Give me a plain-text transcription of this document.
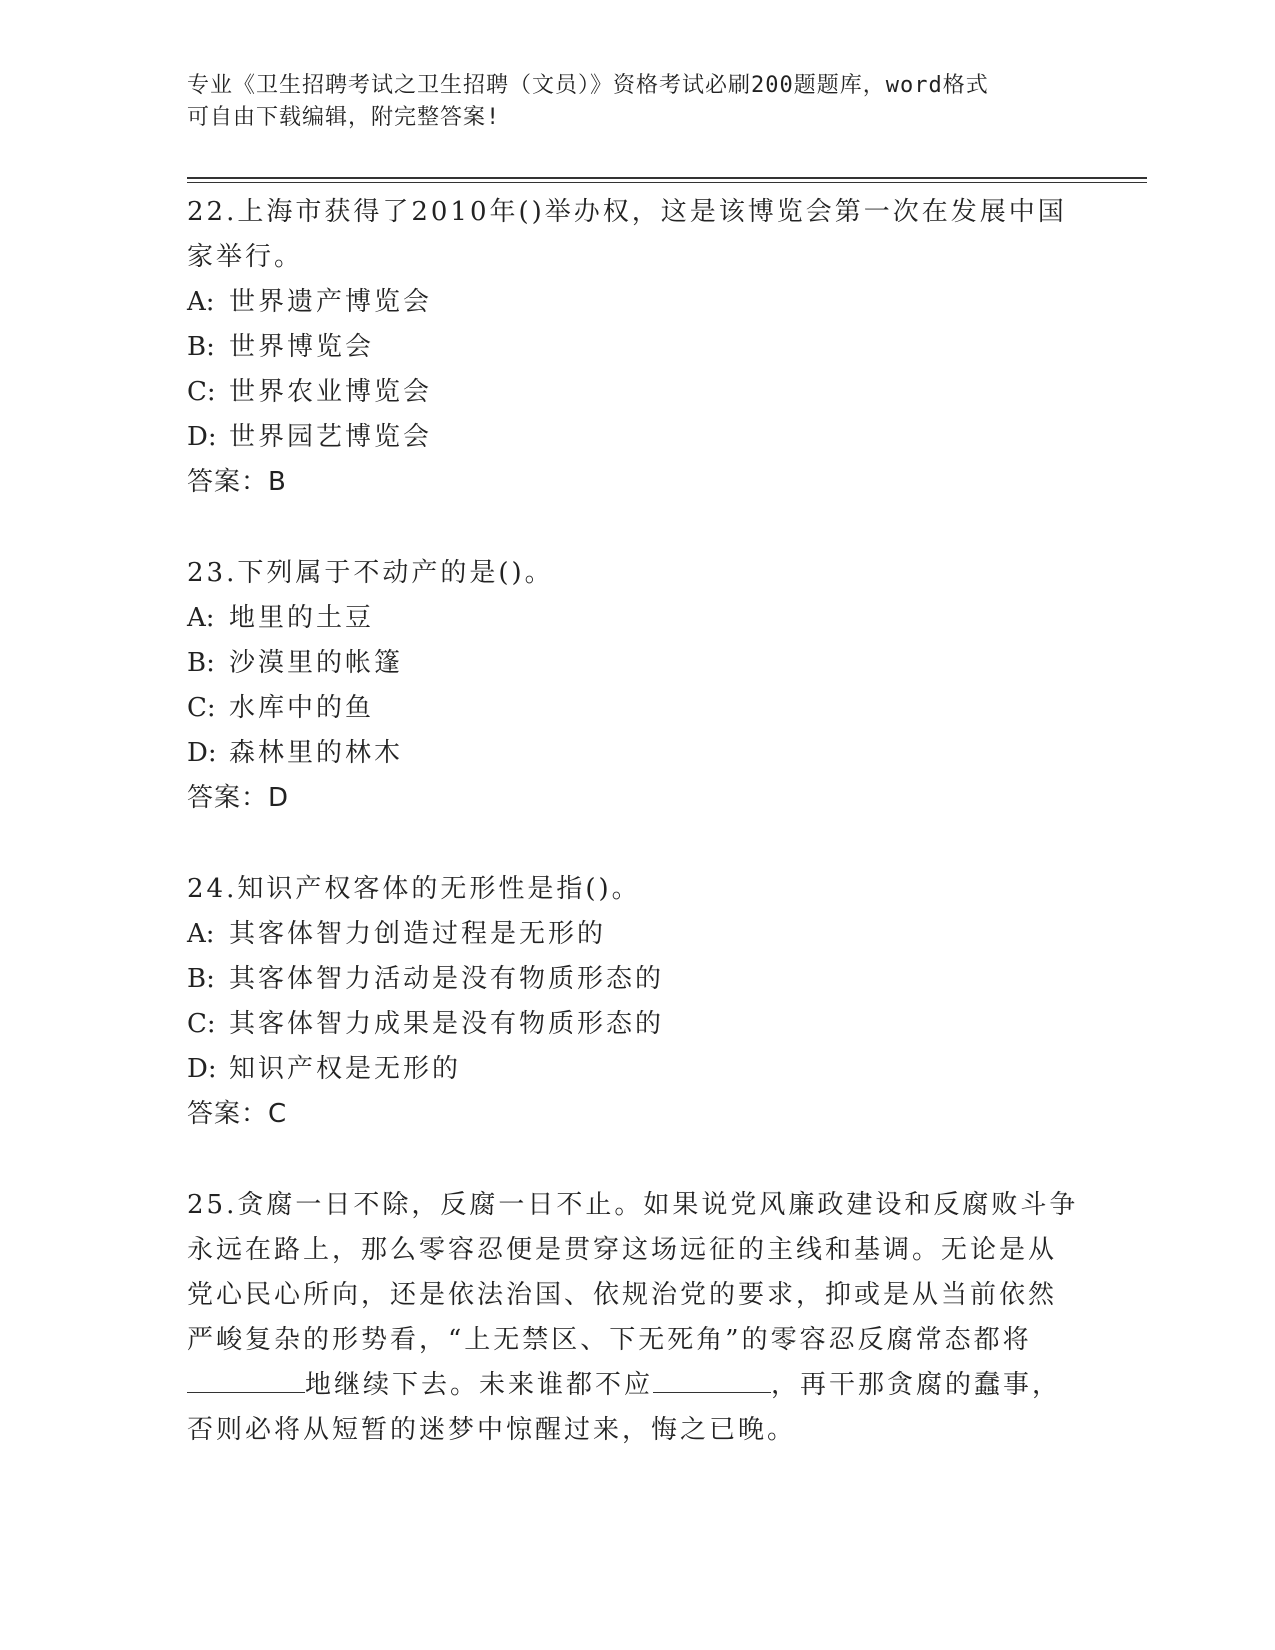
专业《卫生招聘考试之卫生招聘（文员）》资格考试必刷200题题库，word格式
可自由下载编辑，附完整答案!
22.上海市获得了2010年()举办权，这是该博览会第一次在发展中国
家举行。
A: 世界遗产博览会
B: 世界博览会
C: 世界农业博览会
D: 世界园艺博览会
答案：B
23.下列属于不动产的是()。
A: 地里的土豆
B: 沙漠里的帐篷
C: 水库中的鱼
D: 森林里的林木
答案：D
24.知识产权客体的无形性是指()。
A: 其客体智力创造过程是无形的
B: 其客体智力活动是没有物质形态的
C: 其客体智力成果是没有物质形态的
D: 知识产权是无形的
答案：C
25.贪腐一日不除，反腐一日不止。如果说党风廉政建设和反腐败斗争
永远在路上，那么零容忍便是贯穿这场远征的主线和基调。无论是从
党心民心所向，还是依法治国、依规治党的要求，抑或是从当前依然
严峻复杂的形势看，“上无禁区、下无死角”的零容忍反腐常态都将
地继续下去。未来谁都不应	，再干那贪腐的蠢事，
否则必将从短暂的迷梦中惊醒过来，悔之已晚。
